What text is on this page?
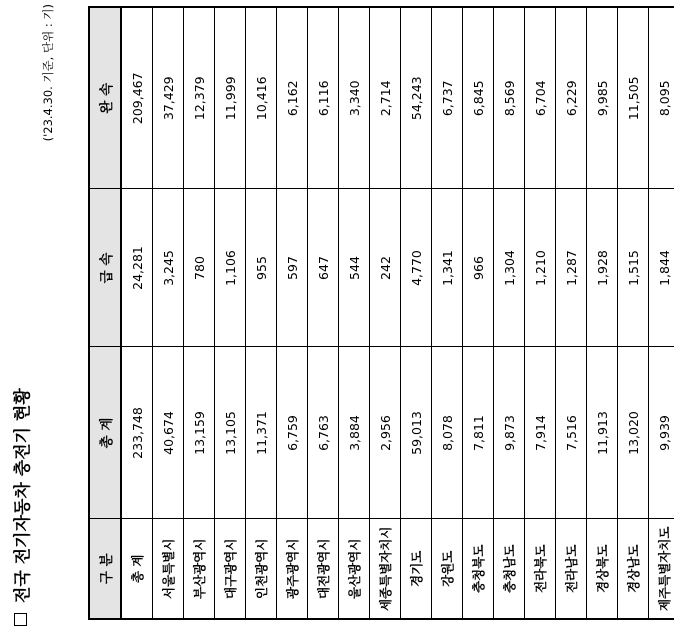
전국 전기자동차 충전기 현황
('23.4.30. 기준, 단위 : 기)
구 분	총 계	급 속	완 속
총 계	233,748	24,281	209,467
서울특별시	40,674	3,245	37,429
부산광역시	13,159	780	12,379
대구광역시	13,105	1,106	11,999
인천광역시	11,371	955	10,416
광주광역시	6,759	597	6,162
대전광역시	6,763	647	6,116
울산광역시	3,884	544	3,340
세종특별자치시	2,956	242	2,714
경기도	59,013	4,770	54,243
강원도	8,078	1,341	6,737
충청북도	7,811	966	6,845
충청남도	9,873	1,304	8,569
전라북도	7,914	1,210	6,704
전라남도	7,516	1,287	6,229
경상북도	11,913	1,928	9,985
경상남도	13,020	1,515	11,505
제주특별자치도	9,939	1,844	8,095
